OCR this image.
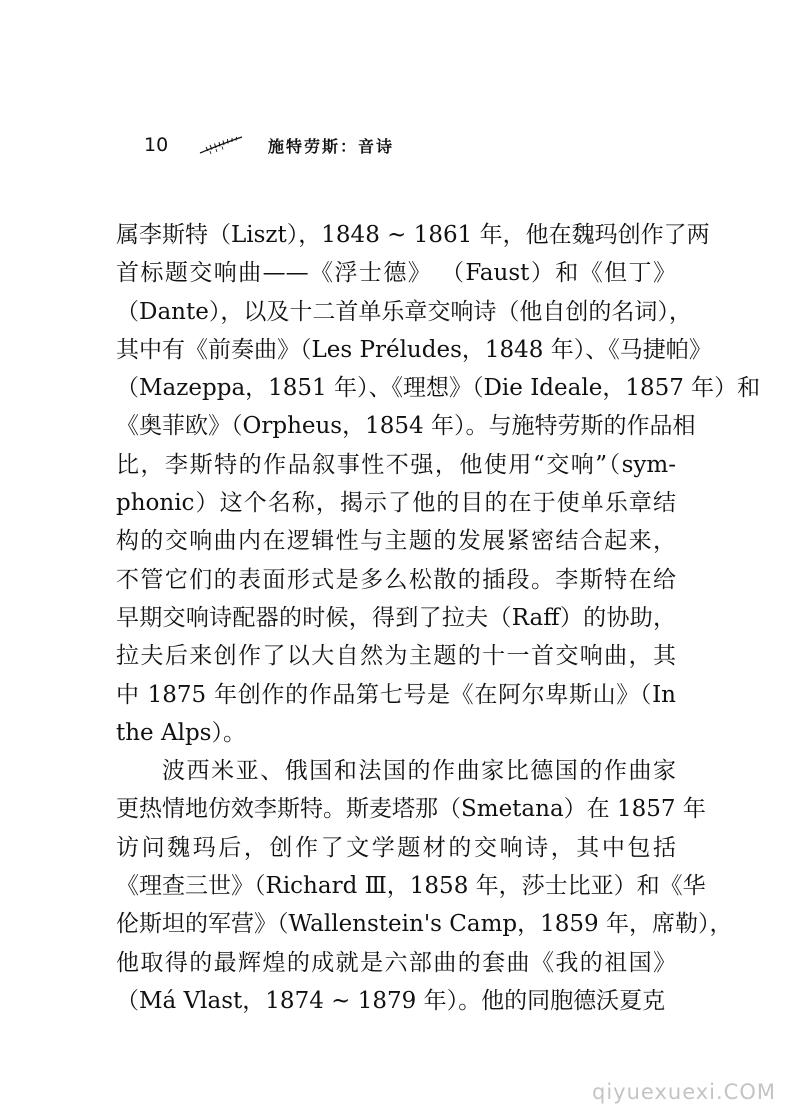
10	施特劳斯：音诗
属李斯特（Liszt），1848 ~ 1861 年，他在魏玛创作了两
首标题交响曲——《浮士德》 （Faust）和《但丁》
（Dante），以及十二首单乐章交响诗（他自创的名词），
其中有《前奏曲》（Les Préludes，1848 年）、《马捷帕》
（Mazeppa，1851 年）、《理想》（Die Ideale，1857 年）和
《奥菲欧》（Orpheus，1854 年）。与施特劳斯的作品相
比，李斯特的作品叙事性不强，他使用“交响”（sym-
phonic）这个名称，揭示了他的目的在于使单乐章结
构的交响曲内在逻辑性与主题的发展紧密结合起来，
不管它们的表面形式是多么松散的插段。李斯特在给
早期交响诗配器的时候，得到了拉夫（Raff）的协助，
拉夫后来创作了以大自然为主题的十一首交响曲，其
中 1875 年创作的作品第七号是《在阿尔卑斯山》（In
the Alps）。
波西米亚、俄国和法国的作曲家比德国的作曲家
更热情地仿效李斯特。斯麦塔那（Smetana）在 1857 年
访问魏玛后，创作了文学题材的交响诗，其中包括
《理查三世》（Richard Ⅲ，1858 年，莎士比亚）和《华
伦斯坦的军营》（Wallenstein's Camp，1859 年，席勒），
他取得的最辉煌的成就是六部曲的套曲《我的祖国》
（Má Vlast，1874 ~ 1879 年）。他的同胞德沃夏克
qiyuexuexi.COM
